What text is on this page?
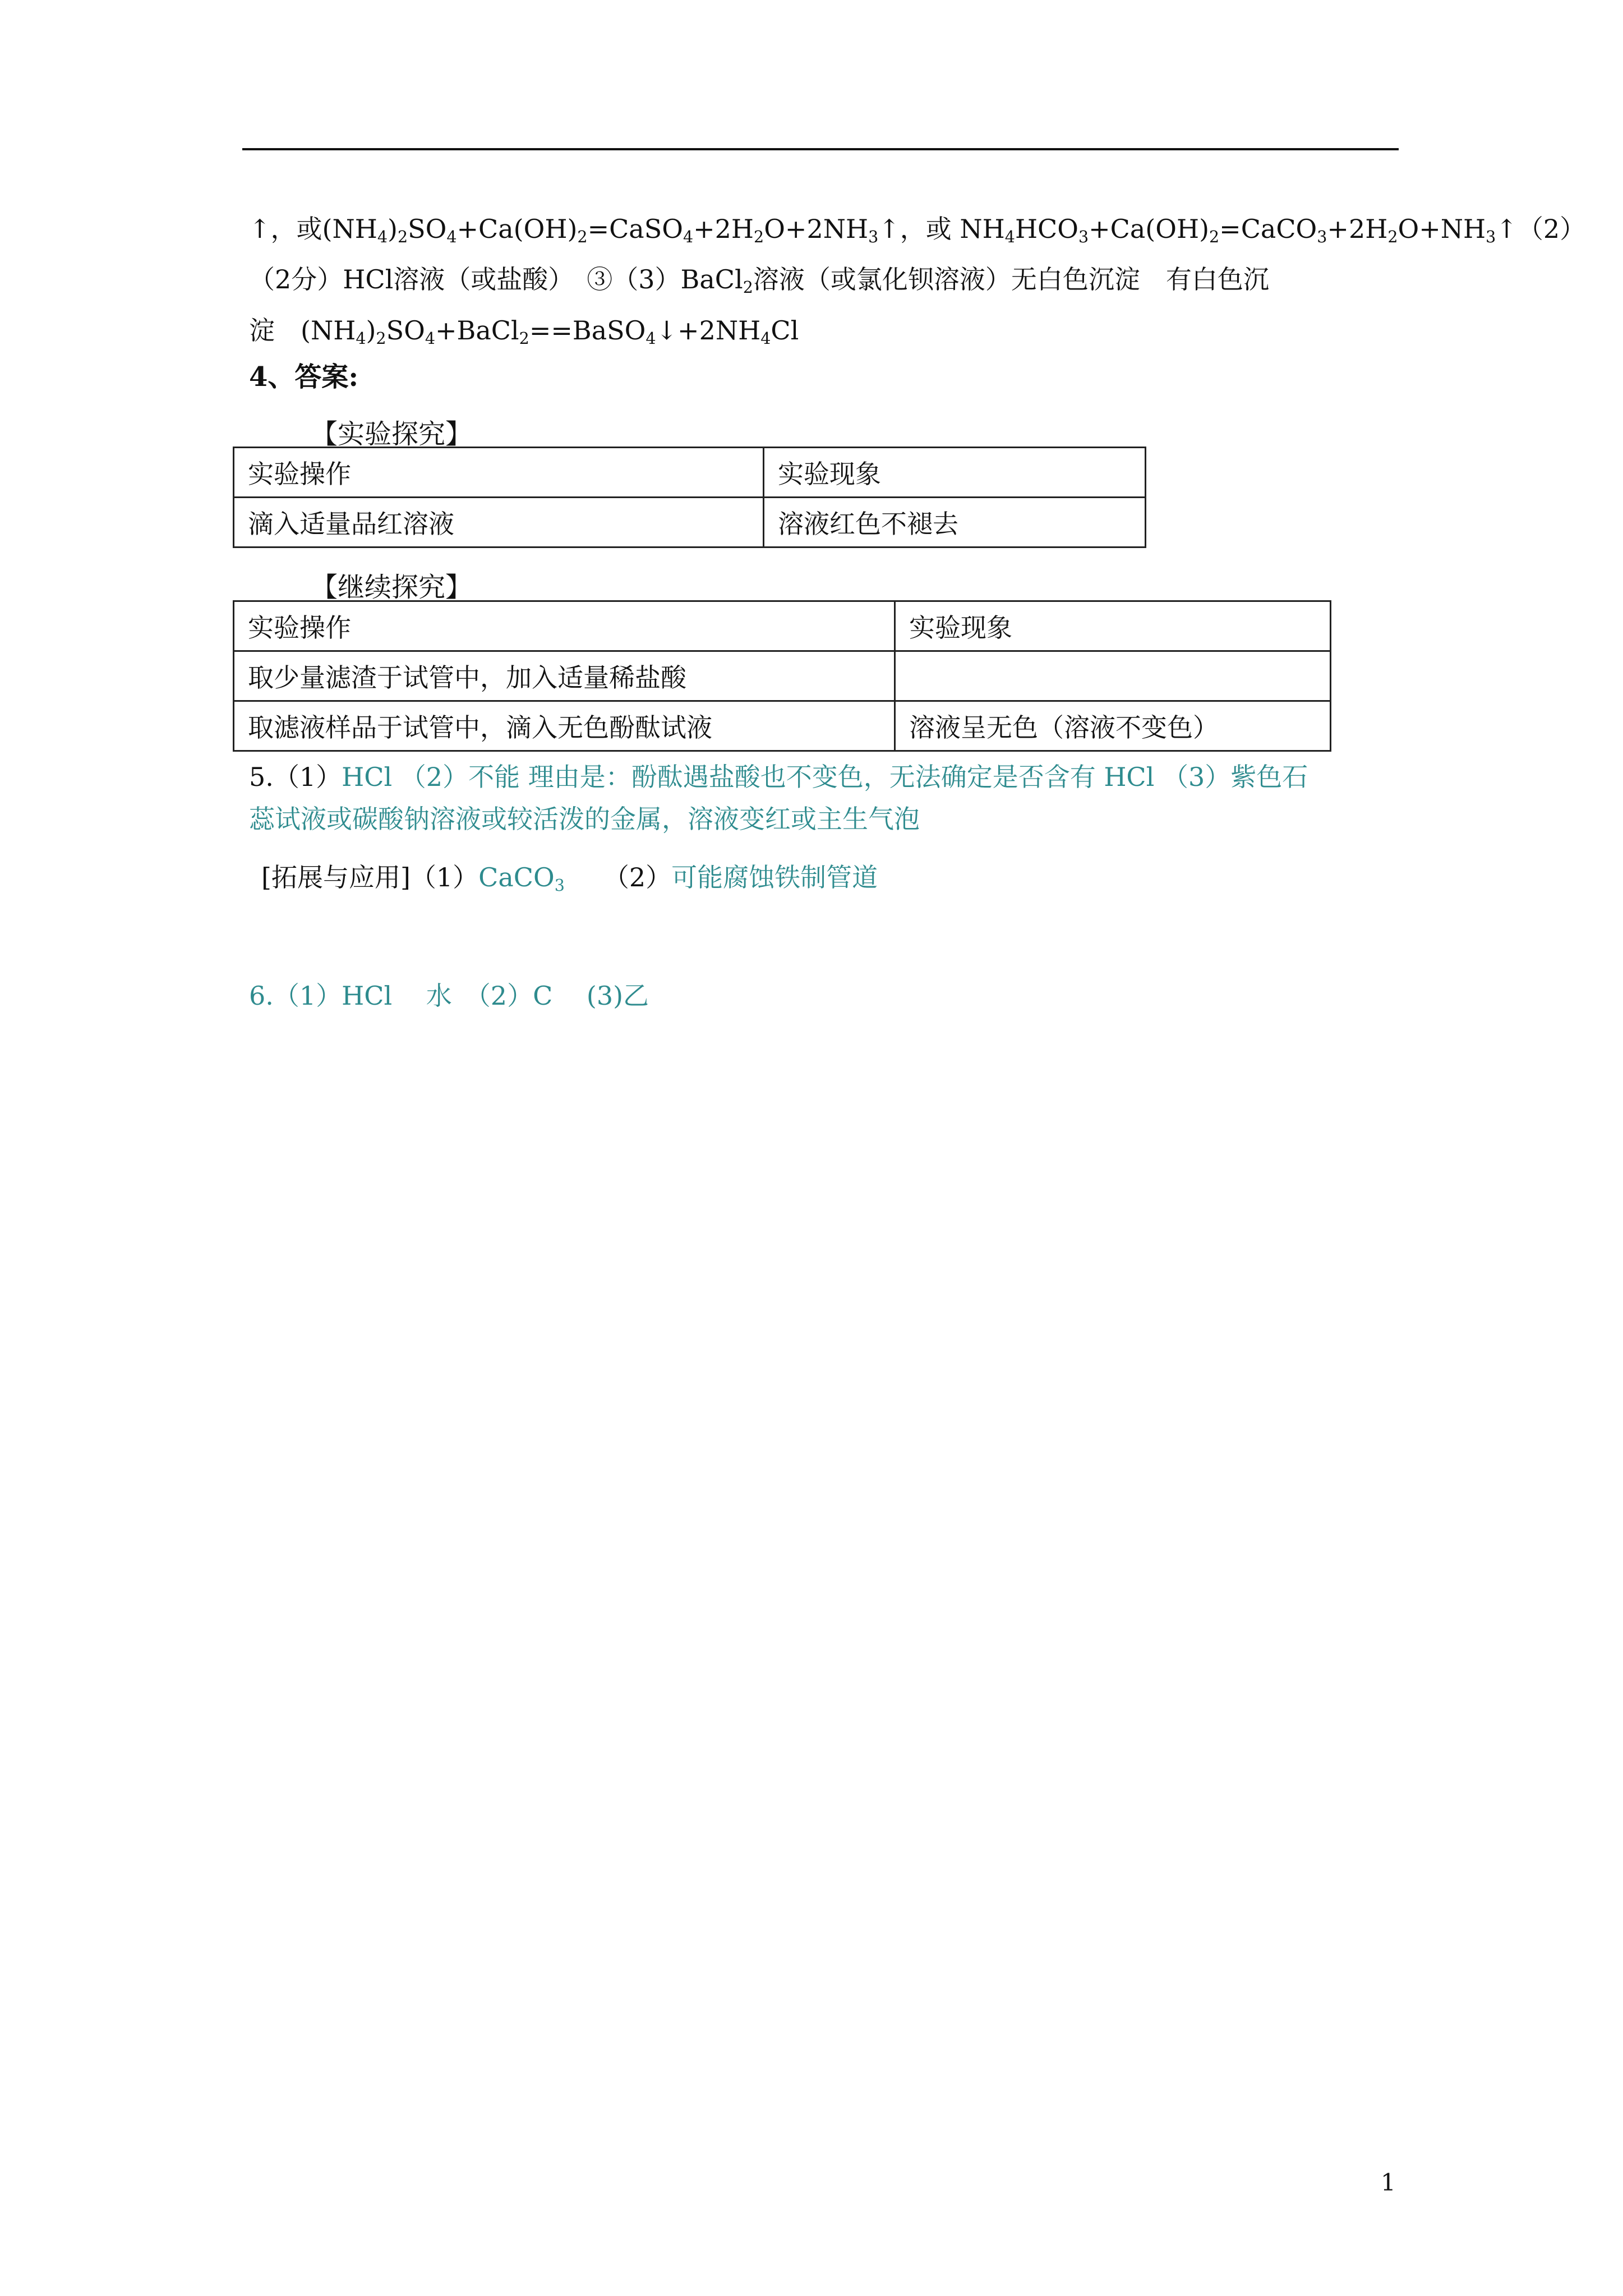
↑，或$(NH_4)_2SO_4+Ca(OH)_2=CaSO_4+2H_2O+2NH_3↑$，或 $NH_4HCO_3+Ca(OH)_2=CaCO_3+2H_2O+NH_3↑(2)$
（2分）HCl溶液（或盐酸）　③（3）BaCl$_2$溶液（或氯化钡溶液）无白色沉淀　有白色沉
淀　$(NH_4)_2SO_4+BaCl_2==BaSO_4↓+2NH_4Cl$
4、答案:
【实验探究】
实验操作	实验现象
滴入适量品红溶液	溶液红色不褪去
【继续探究】
实验操作	实验现象
取少量滤渣于试管中，加入适量稀盐酸	
取滤液样品于试管中，滴入无色酚酞试液	溶液呈无色（溶液不变色）
5.（1）HCl （2）不能 理由是：酚酞遇盐酸也不变色，无法确定是否含有 HCl （3）紫色石
蕊试液或碳酸钠溶液或较活泼的金属，溶液变红或主生气泡
[拓展与应用]（1）CaCO$_3$　　（2）可能腐蚀铁制管道
6.（1）HCl　 水　（2）C　 (3)乙
1
